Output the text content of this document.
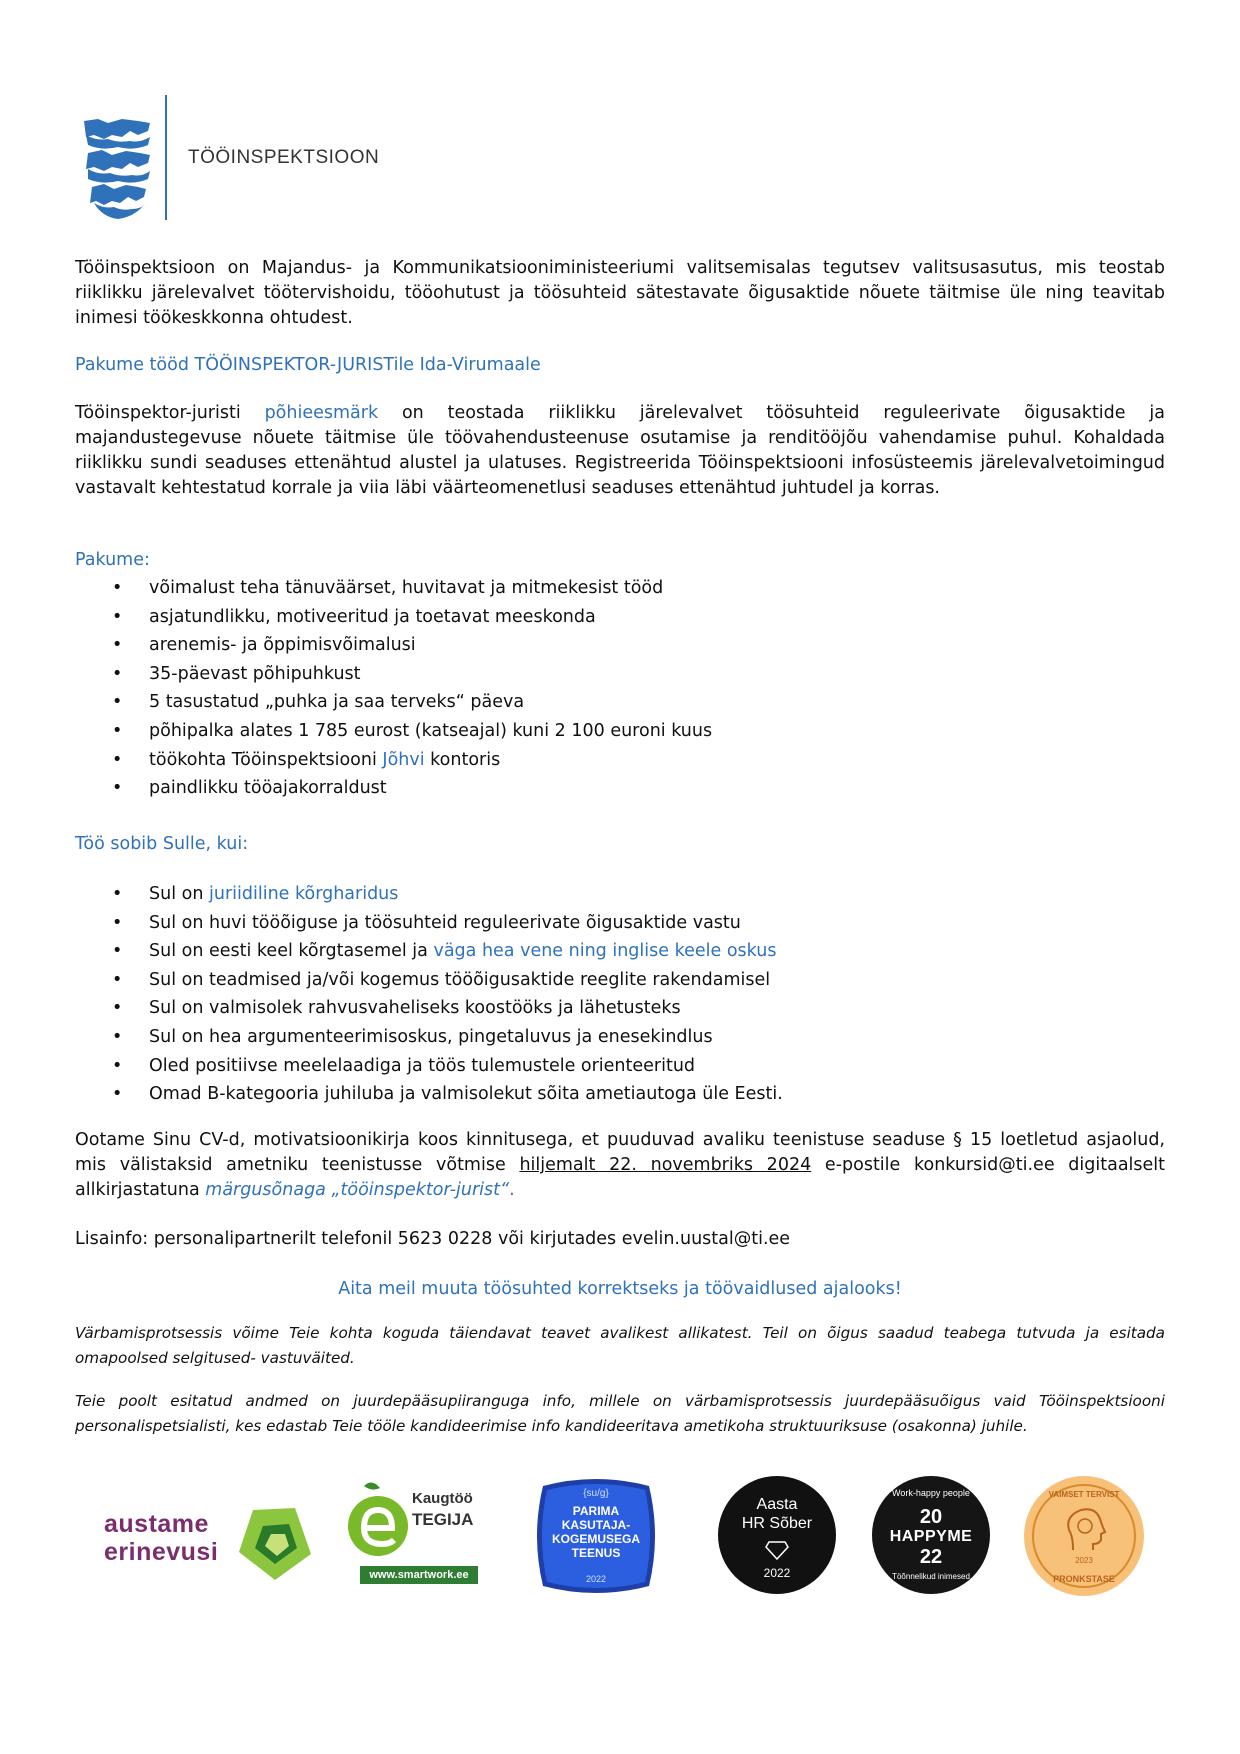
TÖÖINSPEKTSIOON
Tööinspektsioon on Majandus- ja Kommunikatsiooniministeeriumi valitsemisalas tegutsev valitsusasutus, mis teostab riiklikku järelevalvet töötervishoidu, tööohutust ja töösuhteid sätestavate õigusaktide nõuete täitmise üle ning teavitab inimesi töökeskkonna ohtudest.
Pakume tööd TÖÖINSPEKTOR-JURISTile Ida-Virumaale
Tööinspektor-juristi põhieesmärk on teostada riiklikku järelevalvet töösuhteid reguleerivate õigusaktide ja majandustegevuse nõuete täitmise üle töövahendusteenuse osutamise ja renditööjõu vahendamise puhul. Kohaldada riiklikku sundi seaduses ettenähtud alustel ja ulatuses. Registreerida Tööinspektsiooni infosüsteemis järelevalvetoimingud vastavalt kehtestatud korrale ja viia läbi väärteomenetlusi seaduses ettenähtud juhtudel ja korras.
Pakume:
• võimalust teha tänuväärset, huvitavat ja mitmekesist tööd
• asjatundlikku, motiveeritud ja toetavat meeskonda
• arenemis- ja õppimisvõimalusi
• 35-päevast põhipuhkust
• 5 tasustatud „puhka ja saa terveks“ päeva
• põhipalka alates 1 785 eurost (katseajal) kuni 2 100 euroni kuus
• töökohta Tööinspektsiooni Jõhvi kontoris
• paindlikku tööajakorraldust
Töö sobib Sulle, kui:
• Sul on juriidiline kõrgharidus
• Sul on huvi tööõiguse ja töösuhteid reguleerivate õigusaktide vastu
• Sul on eesti keel kõrgtasemel ja väga hea vene ning inglise keele oskus
• Sul on teadmised ja/või kogemus tööõigusaktide reeglite rakendamisel
• Sul on valmisolek rahvusvaheliseks koostööks ja lähetusteks
• Sul on hea argumenteerimisoskus, pingetaluvus ja enesekindlus
• Oled positiivse meelelaadiga ja töös tulemustele orienteeritud
• Omad B-kategooria juhiluba ja valmisolekut sõita ametiautoga üle Eesti.
Ootame Sinu CV-d, motivatsioonikirja koos kinnitusega, et puuduvad avaliku teenistuse seaduse § 15 loetletud asjaolud, mis välistaksid ametniku teenistusse võtmise hiljemalt 22. novembriks 2024 e-postile konkursid@ti.ee digitaalselt allkirjastatuna märgusõnaga „tööinspektor-jurist“.
Lisainfo: personalipartnerilt telefonil 5623 0228 või kirjutades evelin.uustal@ti.ee
Aita meil muuta töösuhted korrektseks ja töövaidlused ajalooks!
Värbamisprotsessis võime Teie kohta koguda täiendavat teavet avalikest allikatest. Teil on õigus saadud teabega tutvuda ja esitada omapoolsed selgitused- vastuväited.
Teie poolt esitatud andmed on juurdepääsupiiranguga info, millele on värbamisprotsessis juurdepääsuõigus vaid Tööinspektsiooni personalispetsialisti, kes edastab Teie tööle kandideerimise info kandideeritava ametikoha struktuuriksuse (osakonna) juhile.
austame
erinevusi
Kaugtöö
TEGIJA
www.smartwork.ee
{su/g}
PARIMA
KASUTAJA-
KOGEMUSEGA
TEENUS
2022
Aasta
HR Sõber
2022
Work-happy people
20
HAPPYME
22
Töõnnelikud inimesed
VAIMSET TERVIST
2023
PRONKSTASE
